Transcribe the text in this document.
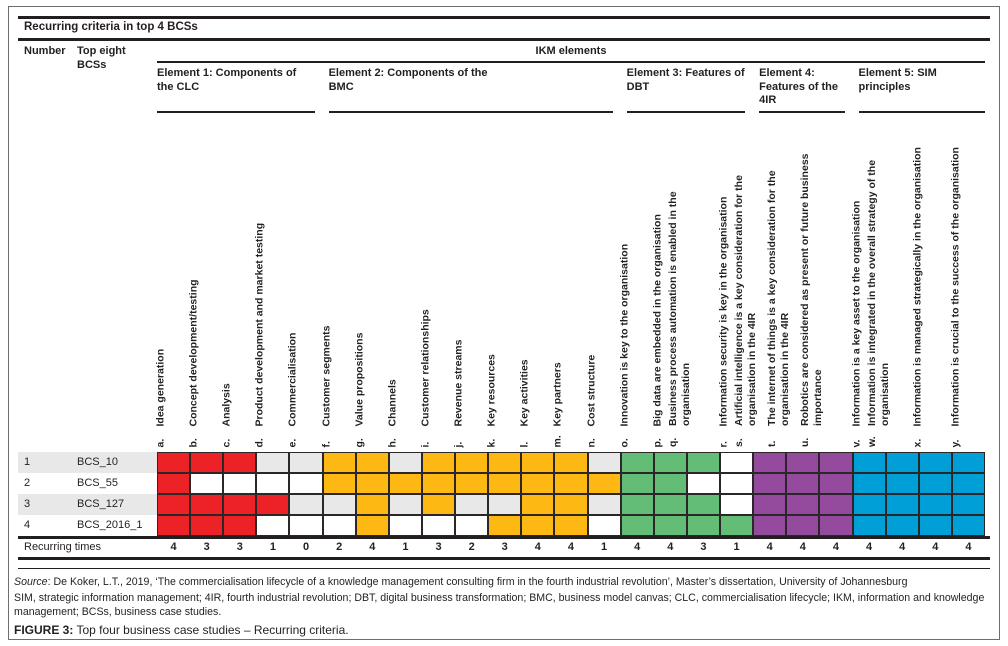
Recurring criteria in top 4 BCSs
Number Top eight BCSs
IKM elements
Element 1: Components of the CLC
Element 2: Components of the BMC
Element 3: Features of DBT
Element 4: Features of the 4IR
Element 5: SIM principles
a.Idea generation
b.Concept development/testing
c.Analysis
d.Product development and market testing
e.Commercialisation
f.Customer segments
g.Value propositions
h.Channels
i.Customer relationships
j.Revenue streams
k.Key resources
l.Key activities
m.Key partners
n.Cost structure
o.Innovation is key to the organisation
p.Big data are embedded in the organisation
q.Business process automation is enabled in the organisation
r.Information security is key in the organisation
s.Artificial intelligence is a key consideration for the organisation in the 4IR
t.The internet of things is a key consideration for the organisation in the 4IR
u.Robotics are considered as present or future business importance
v.Information is a key asset to the organisation
w.Information is integrated in the overall strategy of the organisation
x.Information is managed strategically in the organisation
y.Information is crucial to the success of the organisation
1	BCS_10
2	BCS_55
3	BCS_127
4	BCS_2016_1
Recurring times	4	3	3	1	0	2	4	1	3	2	3	4	4	1	4	4	3	1	4	4	4	4	4	4	4
Source: De Koker, L.T., 2019, ‘The commercialisation lifecycle of a knowledge management consulting firm in the fourth industrial revolution’, Master’s dissertation, University of Johannesburg
SIM, strategic information management; 4IR, fourth industrial revolution; DBT, digital business transformation; BMC, business model canvas; CLC, commercialisation lifecycle; IKM, information and knowledge management; BCSs, business case studies.
FIGURE 3: Top four business case studies – Recurring criteria.
